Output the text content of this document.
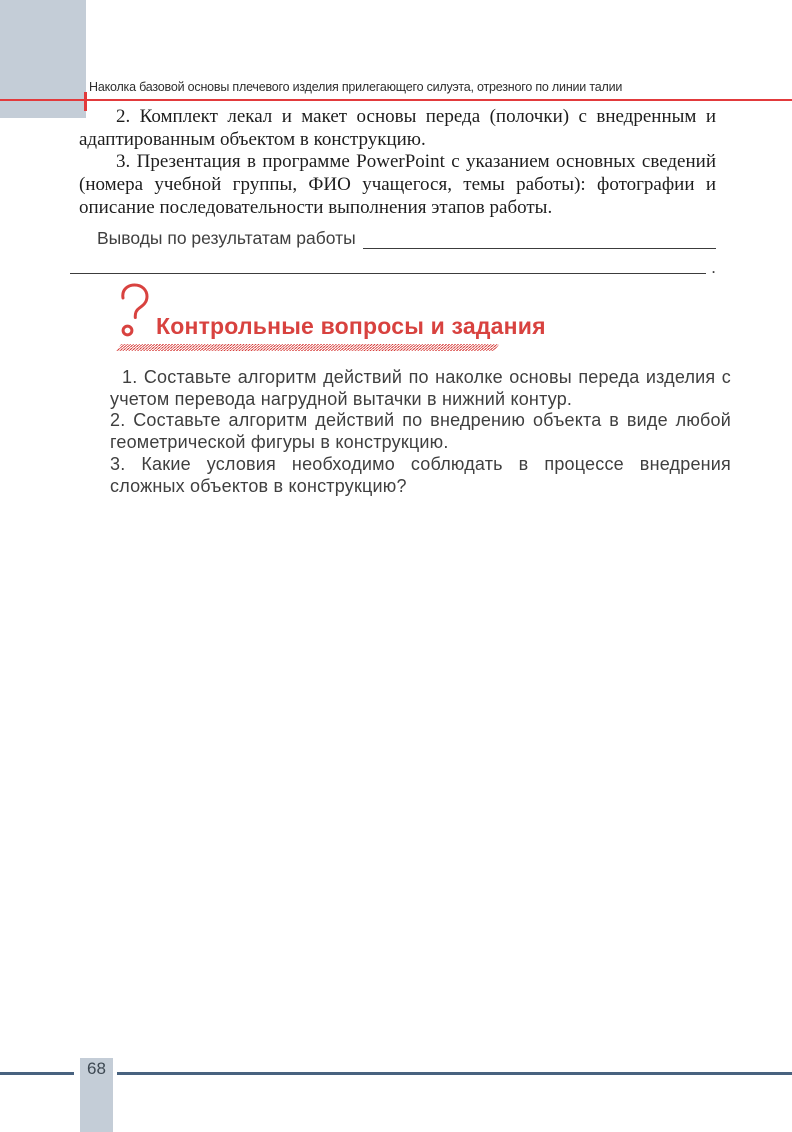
Наколка базовой основы плечевого изделия прилегающего силуэта, отрезного по линии талии

2. Комплект лекал и макет основы переда (полочки) с внедренным и адаптированным объектом в конструкцию.

3. Презентация в программе PowerPoint с указанием основных сведений (номера учебной группы, ФИО учащегося, темы работы): фотографии и описание последовательности выполнения этапов работы.

Выводы по результатам работы
.
Контрольные вопросы и задания

1. Составьте алгоритм действий по наколке основы переда изделия с учетом перевода нагрудной вытачки в нижний контур.

2. Составьте алгоритм действий по внедрению объекта в виде любой геометрической фигуры в конструкцию.

3. Какие условия необходимо соблюдать в процессе внедрения сложных объектов в конструкцию?

68
